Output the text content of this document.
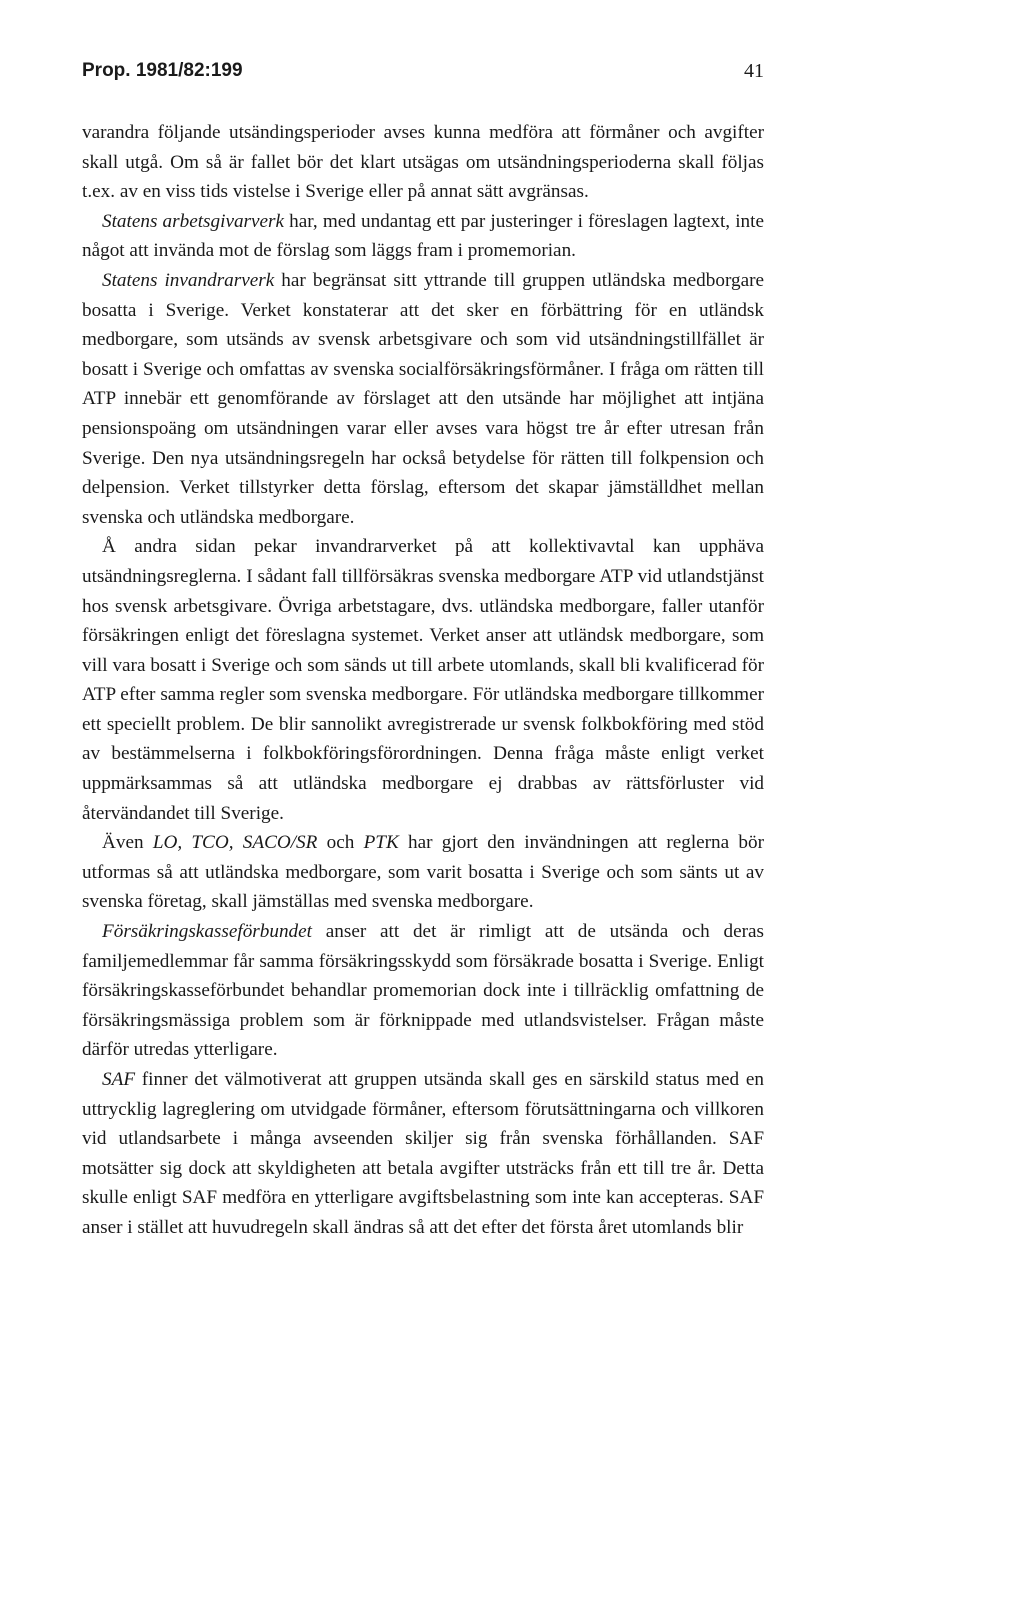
Prop. 1981/82:199	41

varandra följande utsändingsperioder avses kunna medföra att förmåner och avgifter skall utgå. Om så är fallet bör det klart utsägas om utsändningsperioderna skall följas t.ex. av en viss tids vistelse i Sverige eller på annat sätt avgränsas.

Statens arbetsgivarverk har, med undantag ett par justeringer i föreslagen lagtext, inte något att invända mot de förslag som läggs fram i promemorian.

Statens invandrarverk har begränsat sitt yttrande till gruppen utländska medborgare bosatta i Sverige. Verket konstaterar att det sker en förbättring för en utländsk medborgare, som utsänds av svensk arbetsgivare och som vid utsändningstillfället är bosatt i Sverige och omfattas av svenska socialförsäkringsförmåner. I fråga om rätten till ATP innebär ett genomförande av förslaget att den utsände har möjlighet att intjäna pensionspoäng om utsändningen varar eller avses vara högst tre år efter utresan från Sverige. Den nya utsändningsregeln har också betydelse för rätten till folkpension och delpension. Verket tillstyrker detta förslag, eftersom det skapar jämställdhet mellan svenska och utländska medborgare.

Å andra sidan pekar invandrarverket på att kollektivavtal kan upphäva utsändningsreglerna. I sådant fall tillförsäkras svenska medborgare ATP vid utlandstjänst hos svensk arbetsgivare. Övriga arbetstagare, dvs. utländska medborgare, faller utanför försäkringen enligt det föreslagna systemet. Verket anser att utländsk medborgare, som vill vara bosatt i Sverige och som sänds ut till arbete utomlands, skall bli kvalificerad för ATP efter samma regler som svenska medborgare. För utländska medborgare tillkommer ett speciellt problem. De blir sannolikt avregistrerade ur svensk folkbokföring med stöd av bestämmelserna i folkbokföringsförordningen. Denna fråga måste enligt verket uppmärksammas så att utländska medborgare ej drabbas av rättsförluster vid återvändandet till Sverige.

Även LO, TCO, SACO/SR och PTK har gjort den invändningen att reglerna bör utformas så att utländska medborgare, som varit bosatta i Sverige och som sänts ut av svenska företag, skall jämställas med svenska medborgare.

Försäkringskasseförbundet anser att det är rimligt att de utsända och deras familjemedlemmar får samma försäkringsskydd som försäkrade bosatta i Sverige. Enligt försäkringskasseförbundet behandlar promemorian dock inte i tillräcklig omfattning de försäkringsmässiga problem som är förknippade med utlandsvistelser. Frågan måste därför utredas ytterligare.

SAF finner det välmotiverat att gruppen utsända skall ges en särskild status med en uttrycklig lagreglering om utvidgade förmåner, eftersom förutsättningarna och villkoren vid utlandsarbete i många avseenden skiljer sig från svenska förhållanden. SAF motsätter sig dock att skyldigheten att betala avgifter utsträcks från ett till tre år. Detta skulle enligt SAF medföra en ytterligare avgiftsbelastning som inte kan accepteras. SAF anser i stället att huvudregeln skall ändras så att det efter det första året utomlands blir
